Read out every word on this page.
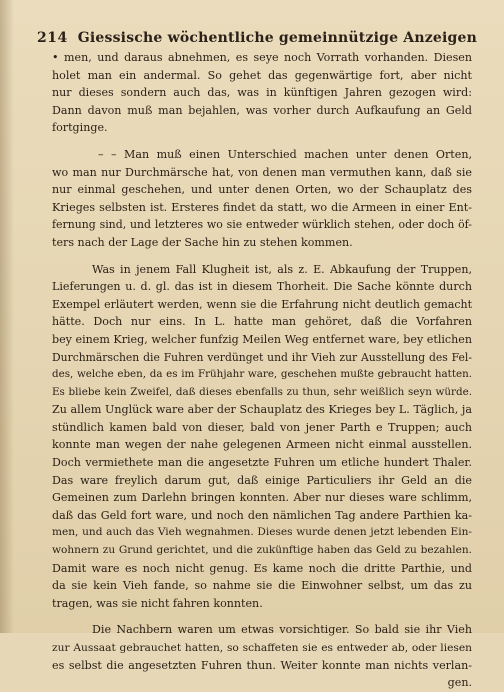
214 Giessische wöchentliche gemeinnützige Anzeigen
• men, und daraus abnehmen, es seye noch Vorrath vorhanden. Diesen
holet man ein andermal. So gehet das gegenwärtige fort, aber nicht
nur dieses sondern auch das, was in künftigen Jahren gezogen wird:
Dann davon muß man bejahlen, was vorher durch Aufkaufung an Geld
fortginge.
– – Man muß einen Unterschied machen unter denen Orten,
wo man nur Durchmärsche hat, von denen man vermuthen kann, daß sie
nur einmal geschehen, und unter denen Orten, wo der Schauplatz des
Krieges selbsten ist. Ersteres findet da statt, wo die Armeen in einer Ent-
fernung sind, und letzteres wo sie entweder würklich stehen, oder doch öf-
ters nach der Lage der Sache hin zu stehen kommen.
Was in jenem Fall Klugheit ist, als z. E. Abkaufung der Truppen,
Lieferungen u. d. gl. das ist in diesem Thorheit. Die Sache könnte durch
Exempel erläutert werden, wenn sie die Erfahrung nicht deutlich gemacht
hätte. Doch nur eins. In L. hatte man gehöret, daß die Vorfahren
bey einem Krieg, welcher funfzig Meilen Weg entfernet ware, bey etlichen
Durchmärschen die Fuhren verdünget und ihr Vieh zur Ausstellung des Fel-
des, welche eben, da es im Frühjahr ware, geschehen mußte gebraucht hatten.
Es bliebe kein Zweifel, daß dieses ebenfalls zu thun, sehr weißlich seyn würde.
Zu allem Unglück ware aber der Schauplatz des Krieges bey L. Täglich, ja
stündlich kamen bald von dieser, bald von jener Parth e Truppen; auch
konnte man wegen der nahe gelegenen Armeen nicht einmal ausstellen.
Doch vermiethete man die angesetzte Fuhren um etliche hundert Thaler.
Das ware freylich darum gut, daß einige Particuliers ihr Geld an die
Gemeinen zum Darlehn bringen konnten. Aber nur dieses ware schlimm,
daß das Geld fort ware, und noch den nämlichen Tag andere Parthien ka-
men, und auch das Vieh wegnahmen. Dieses wurde denen jetzt lebenden Ein-
wohnern zu Grund gerichtet, und die zukünftige haben das Geld zu bezahlen.
Damit ware es noch nicht genug. Es kame noch die dritte Parthie, und
da sie kein Vieh fande, so nahme sie die Einwohner selbst, um das zu
tragen, was sie nicht fahren konnten.
Die Nachbern waren um etwas vorsichtiger. So bald sie ihr Vieh
zur Aussaat gebrauchet hatten, so schaffeten sie es entweder ab, oder liesen
es selbst die angesetzten Fuhren thun. Weiter konnte man nichts verlan-
gen.
